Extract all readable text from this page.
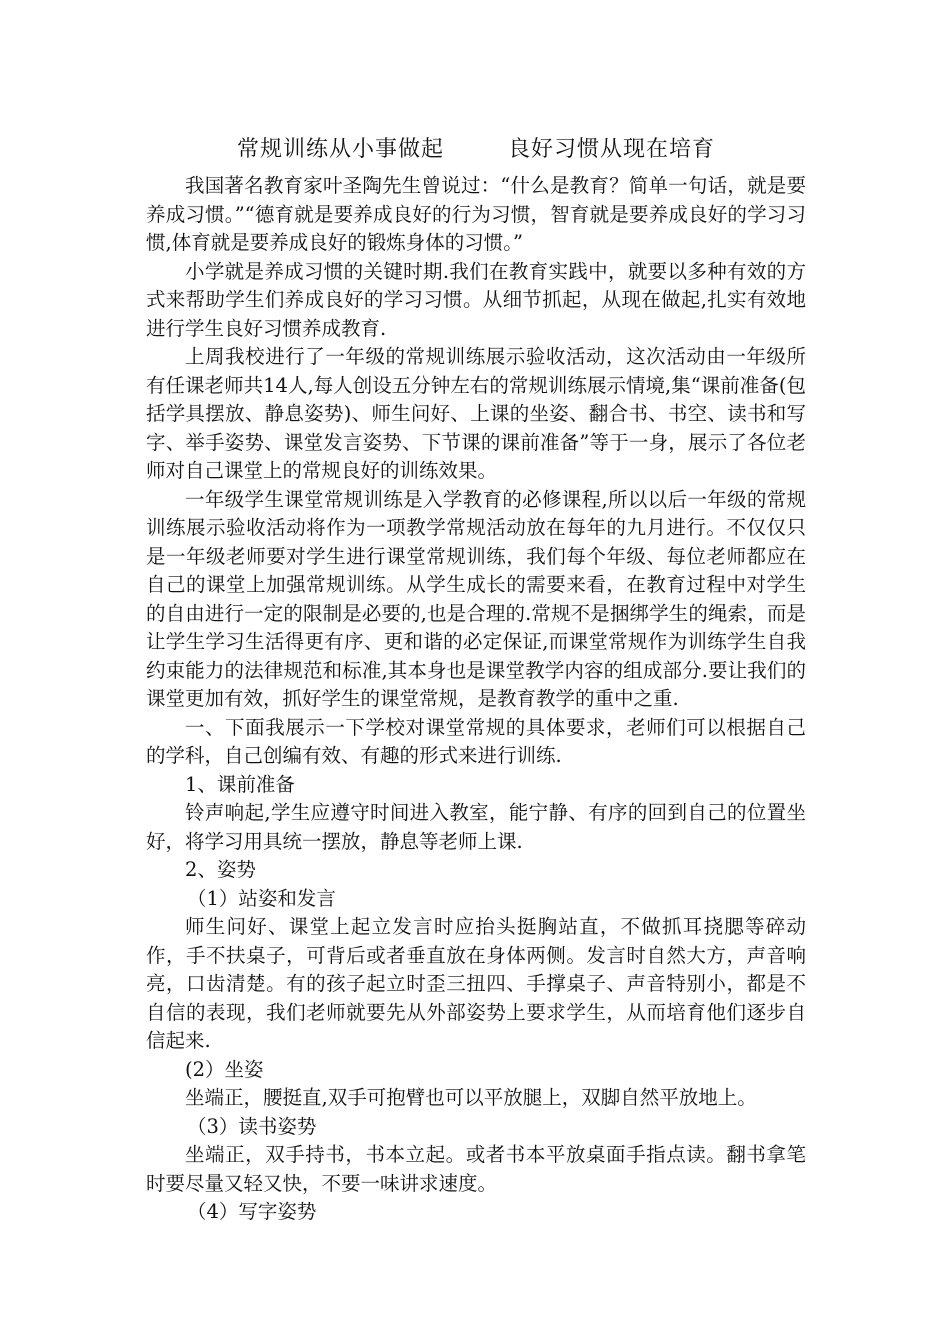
常规训练从小事做起        良好习惯从现在培育

我国著名教育家叶圣陶先生曾说过：“什么是教育？简单一句话，就是要养成习惯。”“德育就是要养成良好的行为习惯，智育就是要养成良好的学习习惯,体育就是要养成良好的锻炼身体的习惯。”

小学就是养成习惯的关键时期.我们在教育实践中，就要以多种有效的方式来帮助学生们养成良好的学习习惯。从细节抓起，从现在做起,扎实有效地进行学生良好习惯养成教育.

上周我校进行了一年级的常规训练展示验收活动，这次活动由一年级所有任课老师共14人,每人创设五分钟左右的常规训练展示情境,集“课前准备(包括学具摆放、静息姿势)、师生问好、上课的坐姿、翻合书、书空、读书和写字、举手姿势、课堂发言姿势、下节课的课前准备”等于一身，展示了各位老师对自己课堂上的常规良好的训练效果。

一年级学生课堂常规训练是入学教育的必修课程,所以以后一年级的常规训练展示验收活动将作为一项教学常规活动放在每年的九月进行。不仅仅只是一年级老师要对学生进行课堂常规训练，我们每个年级、每位老师都应在自己的课堂上加强常规训练。从学生成长的需要来看，在教育过程中对学生的自由进行一定的限制是必要的,也是合理的.常规不是捆绑学生的绳索，而是让学生学习生活得更有序、更和谐的必定保证,而课堂常规作为训练学生自我约束能力的法律规范和标准,其本身也是课堂教学内容的组成部分.要让我们的课堂更加有效，抓好学生的课堂常规，是教育教学的重中之重.

一、下面我展示一下学校对课堂常规的具体要求，老师们可以根据自己的学科，自己创编有效、有趣的形式来进行训练.

1、课前准备

铃声响起,学生应遵守时间进入教室，能宁静、有序的回到自己的位置坐好，将学习用具统一摆放，静息等老师上课.

2、姿势

（1）站姿和发言

师生问好、课堂上起立发言时应抬头挺胸站直，不做抓耳挠腮等碎动作，手不扶桌子，可背后或者垂直放在身体两侧。发言时自然大方，声音响亮，口齿清楚。有的孩子起立时歪三扭四、手撑桌子、声音特别小，都是不自信的表现，我们老师就要先从外部姿势上要求学生，从而培育他们逐步自信起来.

(2）坐姿

坐端正，腰挺直,双手可抱臂也可以平放腿上，双脚自然平放地上。

（3）读书姿势

坐端正，双手持书，书本立起。或者书本平放桌面手指点读。翻书拿笔时要尽量又轻又快，不要一味讲求速度。

（4）写字姿势
